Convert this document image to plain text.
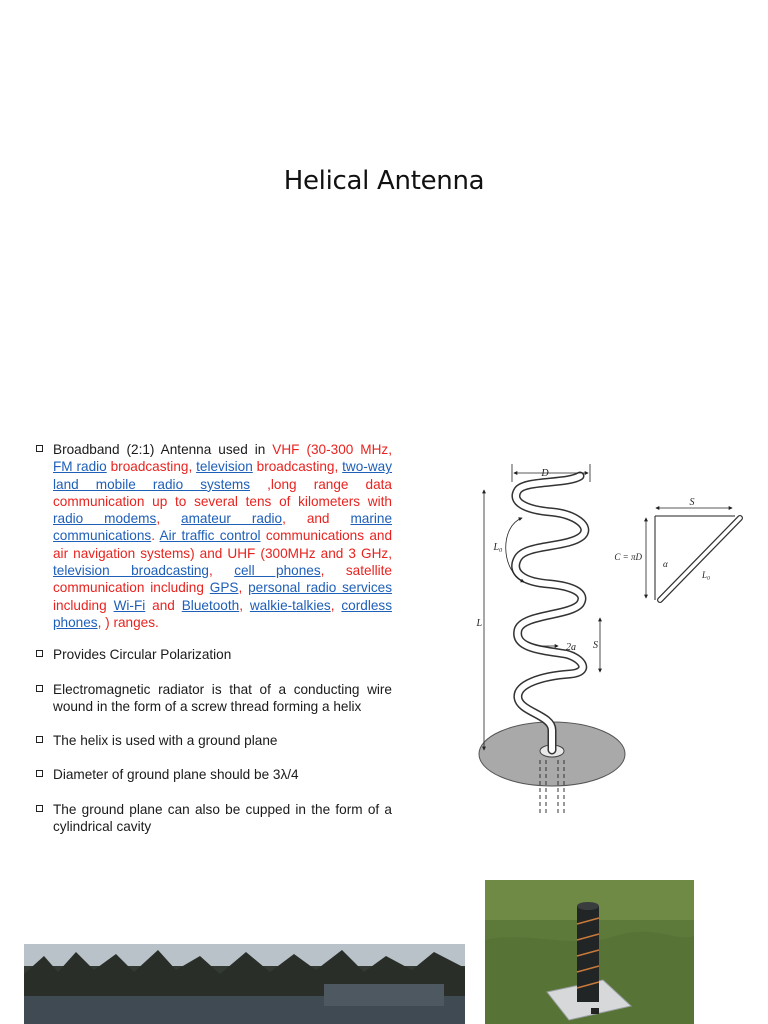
Helical Antenna
Broadband (2:1) Antenna used in VHF (30-300 MHz, FM radio broadcasting, television broadcasting, two-way land mobile radio systems ,long range data communication up to several tens of kilometers with radio modems, amateur radio, and marine communications. Air traffic control communications and air navigation systems) and UHF (300MHz and 3 GHz, television broadcasting, cell phones, satellite communication including GPS, personal radio services including Wi-Fi and Bluetooth, walkie-talkies, cordless phones, ) ranges.
Provides Circular Polarization
Electromagnetic radiator is that of a conducting wire wound in the form of a screw thread forming a helix
The helix is used with a ground plane
Diameter of ground plane should be 3λ/4
The ground plane can also be cupped in the form of a cylindrical cavity
D
L
L₀
2a S
S
C = πD
α
L₀
